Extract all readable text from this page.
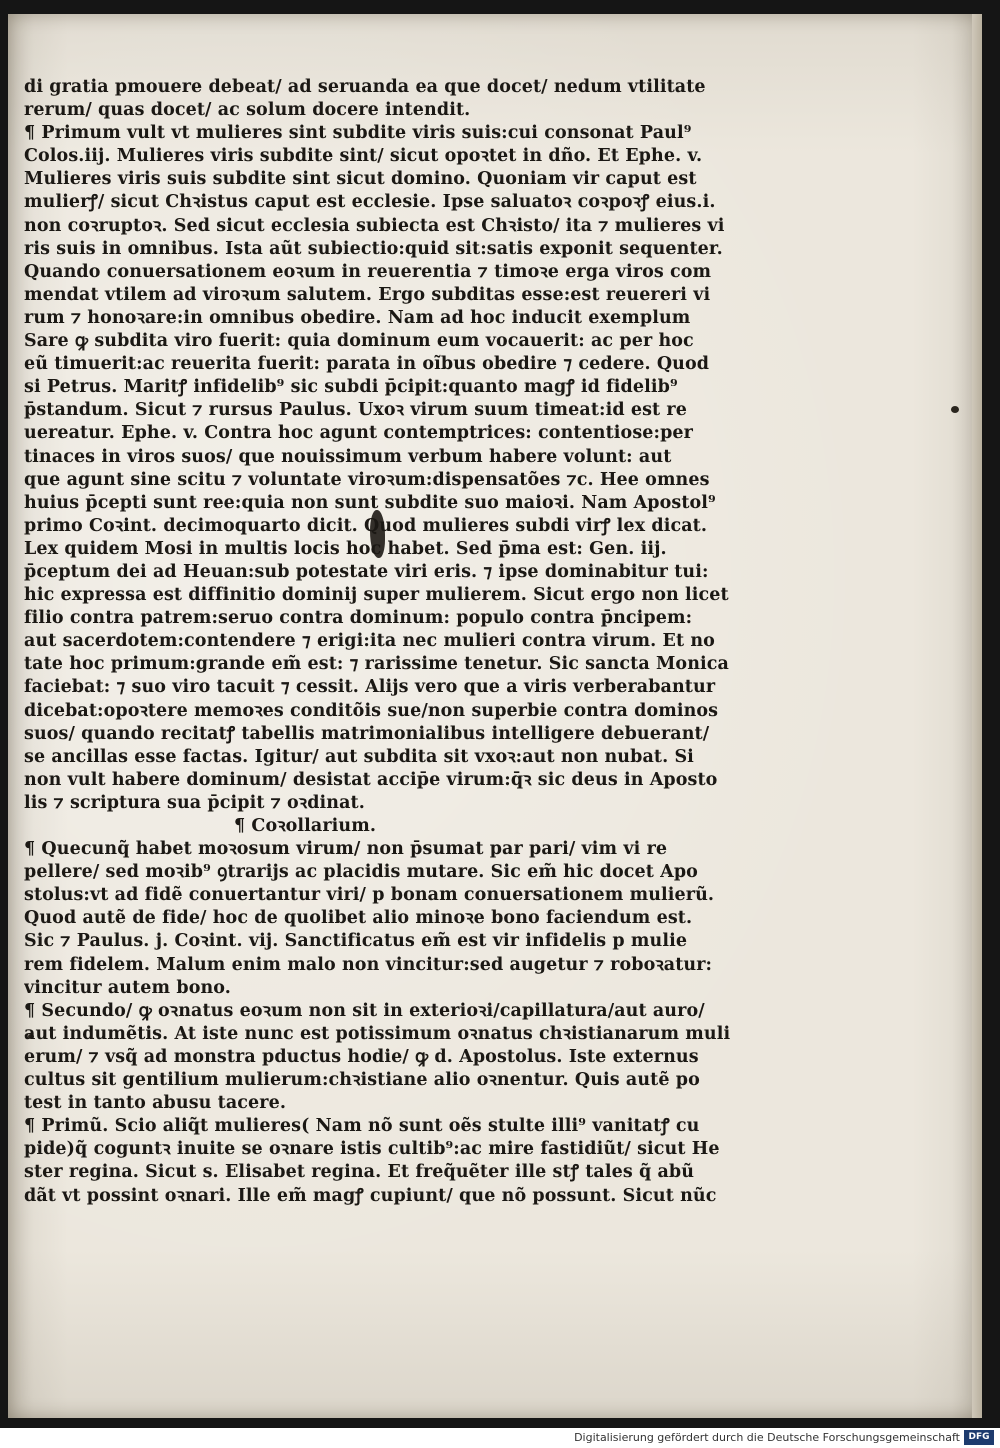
di gratia pmouere debeat/ ad seruanda ea que docet/ nedum vtilitate
rerum/ quas docet/ ac solum docere intendit.
¶ Primum vult vt mulieres sint subdite viris suis:cui consonat Paul⁹
Colos.iij. Mulieres viris subdite sint/ sicut opoꝛtet in dño. Et Ephe. v.
Mulieres viris suis subdite sint sicut domino. Quoniam vir caput est
mulierꝭ/ sicut Chꝛistus caput est ecclesie. Ipse saluatoꝛ coꝛpoꝛꝭ eius.i.
non coꝛruptoꝛ. Sed sicut ecclesia subiecta est Chꝛisto/ ita ⁊ mulieres vi
ris suis in omnibus. Ista aũt subiectio:quid sit:satis exponit sequenter.
Quando conuersationem eoꝛum in reuerentia ⁊ timoꝛe erga viros com
mendat vtilem ad viroꝛum salutem. Ergo subditas esse:est reuereri vi
rum ⁊ honoꝛare:in omnibus obedire. Nam ad hoc inducit exemplum
Sare ꝙ subdita viro fuerit: quia dominum eum vocauerit: ac per hoc
eũ timuerit:ac reuerita fuerit: parata in oĩbus obedire ⁊ cedere. Quod
si Petrus. Maritꝭ infidelib⁹ sic subdi p̄cipit:quanto magꝭ id fidelib⁹
p̄standum. Sicut ⁊ rursus Paulus. Uxoꝛ virum suum timeat:id est re
uereatur. Ephe. v. Contra hoc agunt contemptrices: contentiose:per
tinaces in viros suos/ que nouissimum verbum habere volunt: aut
que agunt sine scitu ⁊ voluntate viroꝛum:dispensatões ⁊c. Hee omnes
huius p̄cepti sunt ree:quia non sunt subdite suo maioꝛi. Nam Apostol⁹
primo Coꝛint. decimoquarto dicit. Quod mulieres subdi virꝭ lex dicat.
Lex quidem Mosi in multis locis hoc habet. Sed p̄ma est: Gen. iij.
p̄ceptum dei ad Heuan:sub potestate viri eris. ⁊ ipse dominabitur tui:
hic expressa est diffinitio dominij super mulierem. Sicut ergo non licet
filio contra patrem:seruo contra dominum: populo contra p̄ncipem:
aut sacerdotem:contendere ⁊ erigi:ita nec mulieri contra virum. Et no
tate hoc primum:grande em̃ est: ⁊ rarissime tenetur. Sic sancta Monica
faciebat: ⁊ suo viro tacuit ⁊ cessit. Alijs vero que a viris verberabantur
dicebat:opoꝛtere memoꝛes conditõis sue/non superbie contra dominos
suos/ quando recitatꝭ tabellis matrimonialibus intelligere debuerant/
se ancillas esse factas. Igitur/ aut subdita sit vxoꝛ:aut non nubat. Si
non vult habere dominum/ desistat accip̄e virum:q̄ꝛ sic deus in Aposto
lis ⁊ scriptura sua p̄cipit ⁊ oꝛdinat.
¶ Coꝛollarium.
¶ Quecunq̃ habet moꝛosum virum/ non p̄sumat par pari/ vim vi re
pellere/ sed moꝛib⁹ ꝯtrarijs ac placidis mutare. Sic em̃ hic docet Apo
stolus:vt ad fidẽ conuertantur viri/ p bonam conuersationem mulierũ.
Quod autẽ de fide/ hoc de quolibet alio minoꝛe bono faciendum est.
Sic ⁊ Paulus. j. Coꝛint. vij. Sanctificatus em̃ est vir infidelis p mulie
rem fidelem. Malum enim malo non vincitur:sed augetur ⁊ roboꝛatur:
vincitur autem bono.
¶ Secundo/ ꝙ oꝛnatus eoꝛum non sit in exterioꝛi/capillatura/aut auro/
aut indumẽtis. At iste nunc est potissimum oꝛnatus chꝛistianarum muli
erum/ ⁊ vsq̃ ad monstra pductus hodie/ ꝙ d. Apostolus. Iste externus
cultus sit gentilium mulierum:chꝛistiane alio oꝛnentur. Quis autẽ po
test in tanto abusu tacere.
¶ Primũ. Scio aliq̃t mulieres( Nam nõ sunt oẽs stulte illi⁹ vanitatꝭ cu
pide)q̃ coguntꝛ inuite se oꝛnare istis cultib⁹:ac mire fastidiũt/ sicut He
ster regina. Sicut s. Elisabet regina. Et freq̃uẽter ille stꝭ tales q̃ abũ
dãt vt possint oꝛnari. Ille em̃ magꝭ cupiunt/ que nõ possunt. Sicut nũc
Digitalisierung gefördert durch die Deutsche Forschungsgemeinschaft DFG
